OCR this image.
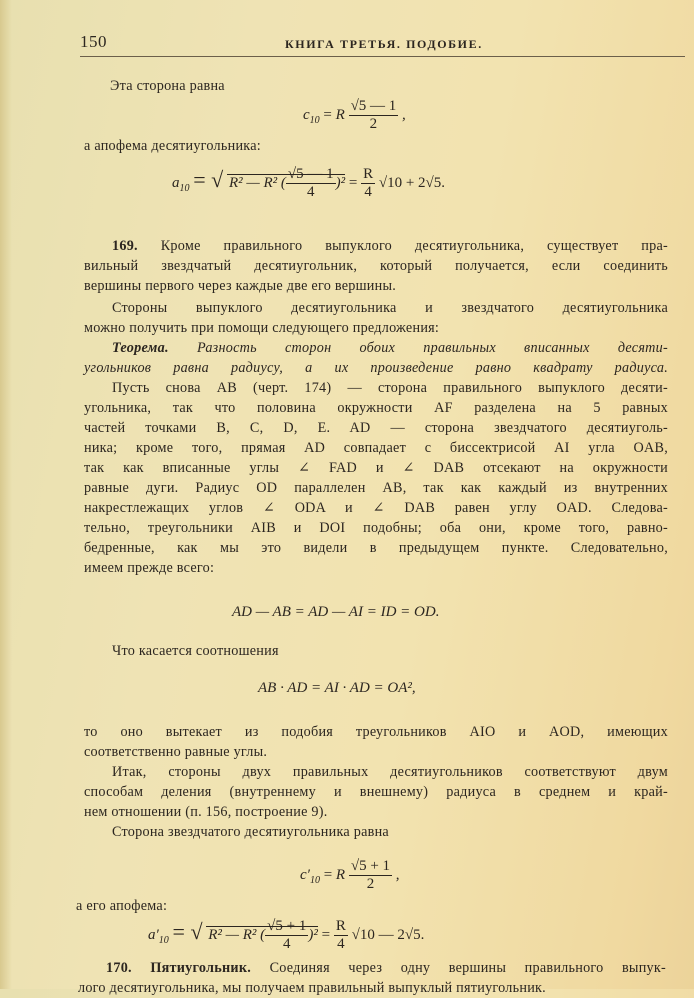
150	КНИГА ТРЕТЬЯ. ПОДОБИЕ.
Эта сторона равна
$c_{10} = R \frac{√5 — 1}{2}$ ,
а апофема десятиугольника:
$a_{10}$ = √ R² — R² ( $\frac{√5 — 1}{4} )^2 = \frac{R}{4} √10 + 2√5$.
169. Кроме правильного выпуклого десятиугольника, существует пра-
вильный звездчатый десятиугольник, который получается, если соединить
вершины первого через каждые две его вершины.
Стороны выпуклого десятиугольника и звездчатого десятиугольника
можно получить при помощи следующего предложения:
Теорема. Разность сторон обоих правильных вписанных десяти-
угольников равна радиусу, а их произведение равно квадрату радиуса.
Пусть снова AB (черт. 174) — сторона правильного выпуклого десяти-
угольника, так что половина окружности AF разделена на 5 равных
частей точками B, C, D, E. AD — сторона звездчатого десятиуголь-
ника; кроме того, прямая AD совпадает с биссектрисой AI угла OAB,
так как вписанные углы ∠ FAD и ∠ DAB отсекают на окружности
равные дуги. Радиус OD параллелен AB, так как каждый из внутренних
накрестлежащих углов ∠ ODA и ∠ DAB равен углу OAD. Следова-
тельно, треугольники AIB и DOI подобны; оба они, кроме того, равно-
бедренные, как мы это видели в предыдущем пункте. Следовательно,
имеем прежде всего:
AD — AB = AD — AI = ID = OD.
Что касается соотношения
AB · AD = AI · AD = OA²,
то оно вытекает из подобия треугольников AIO и AOD, имеющих
соответственно равные углы.
Итак, стороны двух правильных десятиугольников соответствуют двум
способам деления (внутреннему и внешнему) радиуса в среднем и край-
нем отношении (п. 156, построение 9).
Сторона звездчатого десятиугольника равна
$c'_{10} = R \frac{√5 + 1}{2}$ ,
а его апофема:
$a'_{10}$ = √ R² — R² ( $\frac{√5 + 1}{4} )^2 = \frac{R}{4} √10$ — 2√5.
170. Пятиугольник. Соединяя через одну вершины правильного выпук-
лого десятиугольника, мы получаем правильный выпуклый пятиугольник.
